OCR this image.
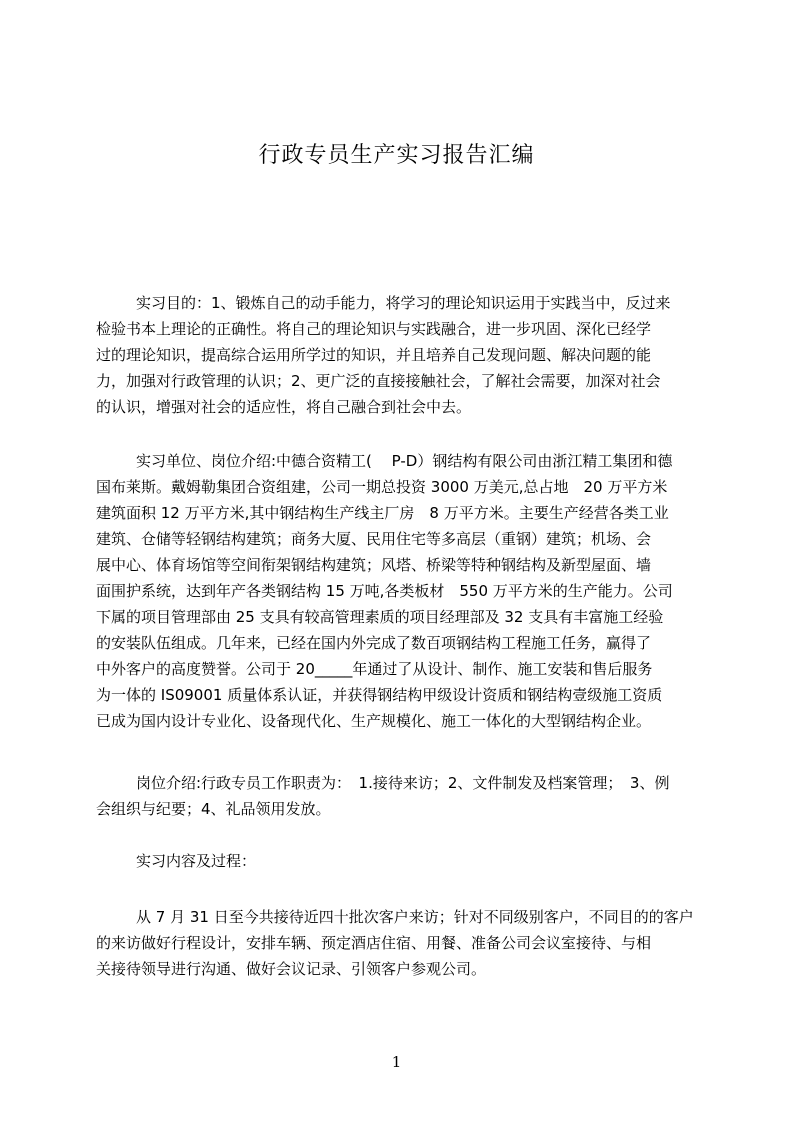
行政专员生产实习报告汇编
实习目的：1、锻炼自己的动手能力，将学习的理论知识运用于实践当中，反过来
检验书本上理论的正确性。将自己的理论知识与实践融合，进一步巩固、深化已经学
过的理论知识，提高综合运用所学过的知识，并且培养自己发现问题、解决问题的能
力，加强对行政管理的认识；2、更广泛的直接接触社会，了解社会需要，加深对社会
的认识，增强对社会的适应性，将自己融合到社会中去。
实习单位、岗位介绍:中德合资精工(　 P-D）钢结构有限公司由浙江精工集团和德
国布莱斯。戴姆勒集团合资组建，公司一期总投资 3000 万美元,总占地　20 万平方米
建筑面积 12 万平方米,其中钢结构生产线主厂房　8 万平方米。主要生产经营各类工业
建筑、仓储等轻钢结构建筑；商务大厦、民用住宅等多高层（重钢）建筑；机场、会
展中心、体育场馆等空间衔架钢结构建筑；风塔、桥梁等特种钢结构及新型屋面、墙
面围护系统，达到年产各类钢结构 15 万吨,各类板材　550 万平方米的生产能力。公司
下属的项目管理部由 25 支具有较高管理素质的项目经理部及 32 支具有丰富施工经验
的安装队伍组成。几年来，已经在国内外完成了数百项钢结构工程施工任务，赢得了
中外客户的高度赞誉。公司于 20_____年通过了从设计、制作、施工安装和售后服务
为一体的 IS09001 质量体系认证，并获得钢结构甲级设计资质和钢结构壹级施工资质
已成为国内设计专业化、设备现代化、生产规模化、施工一体化的大型钢结构企业。
岗位介绍:行政专员工作职责为：　1.接待来访；2、文件制发及档案管理；　3、例
会组织与纪要；4、礼品领用发放。
实习内容及过程：
从 7 月 31 日至今共接待近四十批次客户来访；针对不同级别客户，不同目的的客户
的来访做好行程设计，安排车辆、预定酒店住宿、用餐、准备公司会议室接待、与相
关接待领导进行沟通、做好会议记录、引领客户参观公司。
1
